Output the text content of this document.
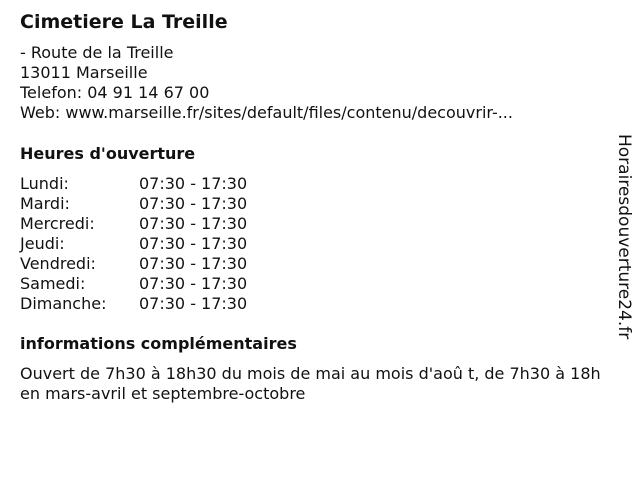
Cimetiere La Treille
- Route de la Treille
13011 Marseille
Telefon: 04 91 14 67 00
Web: www.marseille.fr/sites/default/files/contenu/decouvrir-...
Heures d'ouverture
Lundi:	07:30 - 17:30
Mardi:	07:30 - 17:30
Mercredi:	07:30 - 17:30
Jeudi:	07:30 - 17:30
Vendredi:	07:30 - 17:30
Samedi:	07:30 - 17:30
Dimanche: 07:30 - 17:30
informations complémentaires

Ouvert de 7h30 à 18h30 du mois de mai au mois d'aoû t, de 7h30 à 18h en mars-avril et septembre-octobre

Horairesdouverture24.fr
